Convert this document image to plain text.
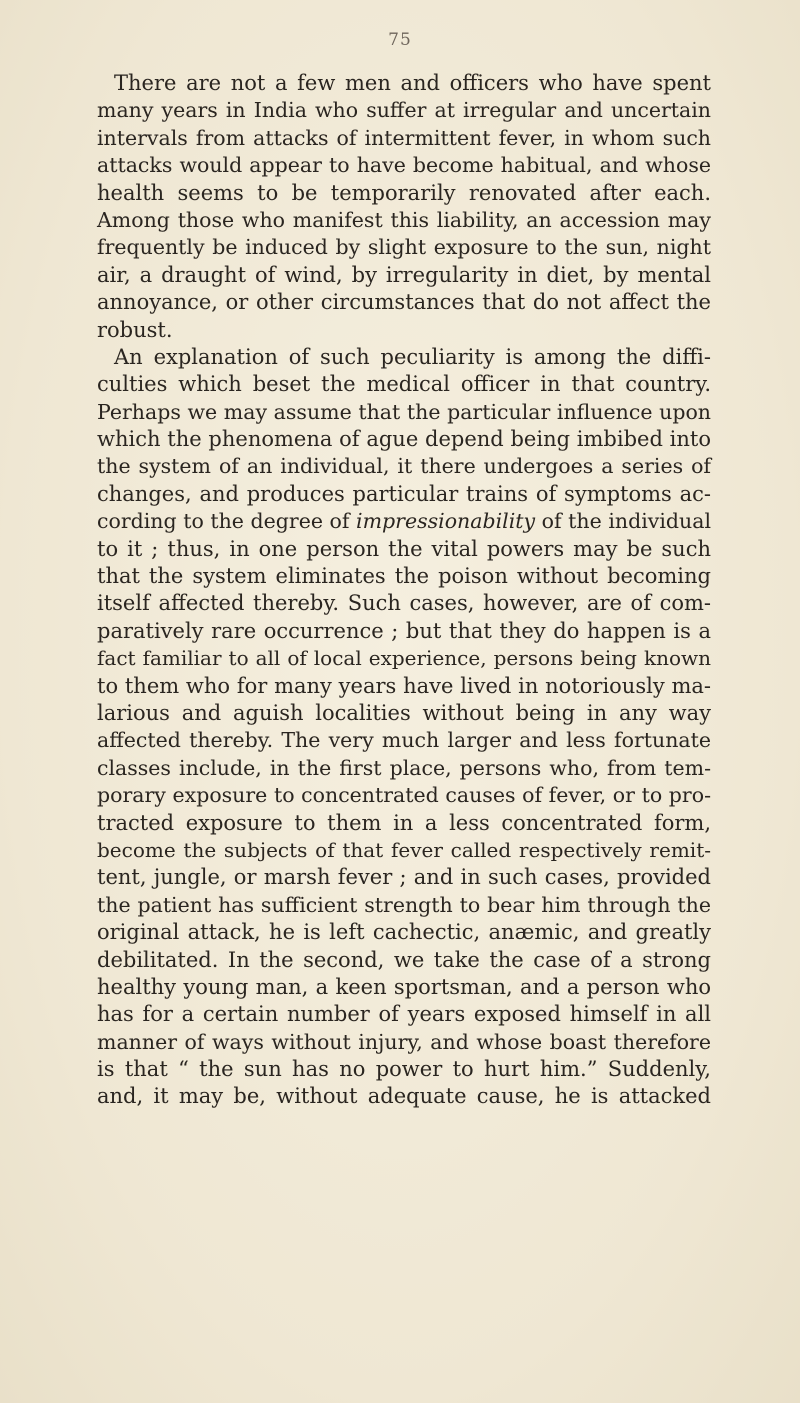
75
There are not a few men and officers who have spent
many years in India who suffer at irregular and uncertain
intervals from attacks of intermittent fever, in whom such
attacks would appear to have become habitual, and whose
health seems to be temporarily renovated after each.
Among those who manifest this liability, an accession may
frequently be induced by slight exposure to the sun, night
air, a draught of wind, by irregularity in diet, by mental
annoyance, or other circumstances that do not affect the
robust.
An explanation of such peculiarity is among the diffi-
culties which beset the medical officer in that country.
Perhaps we may assume that the particular influence upon
which the phenomena of ague depend being imbibed into
the system of an individual, it there undergoes a series of
changes, and produces particular trains of symptoms ac-
cording to the degree of impressionability of the individual
to it ; thus, in one person the vital powers may be such
that the system eliminates the poison without becoming
itself affected thereby. Such cases, however, are of com-
paratively rare occurrence ; but that they do happen is a
fact familiar to all of local experience, persons being known
to them who for many years have lived in notoriously ma-
larious and aguish localities without being in any way
affected thereby. The very much larger and less fortunate
classes include, in the first place, persons who, from tem-
porary exposure to concentrated causes of fever, or to pro-
tracted exposure to them in a less concentrated form,
become the subjects of that fever called respectively remit-
tent, jungle, or marsh fever ; and in such cases, provided
the patient has sufficient strength to bear him through the
original attack, he is left cachectic, anæmic, and greatly
debilitated. In the second, we take the case of a strong
healthy young man, a keen sportsman, and a person who
has for a certain number of years exposed himself in all
manner of ways without injury, and whose boast therefore
is that “ the sun has no power to hurt him.” Suddenly,
and, it may be, without adequate cause, he is attacked
